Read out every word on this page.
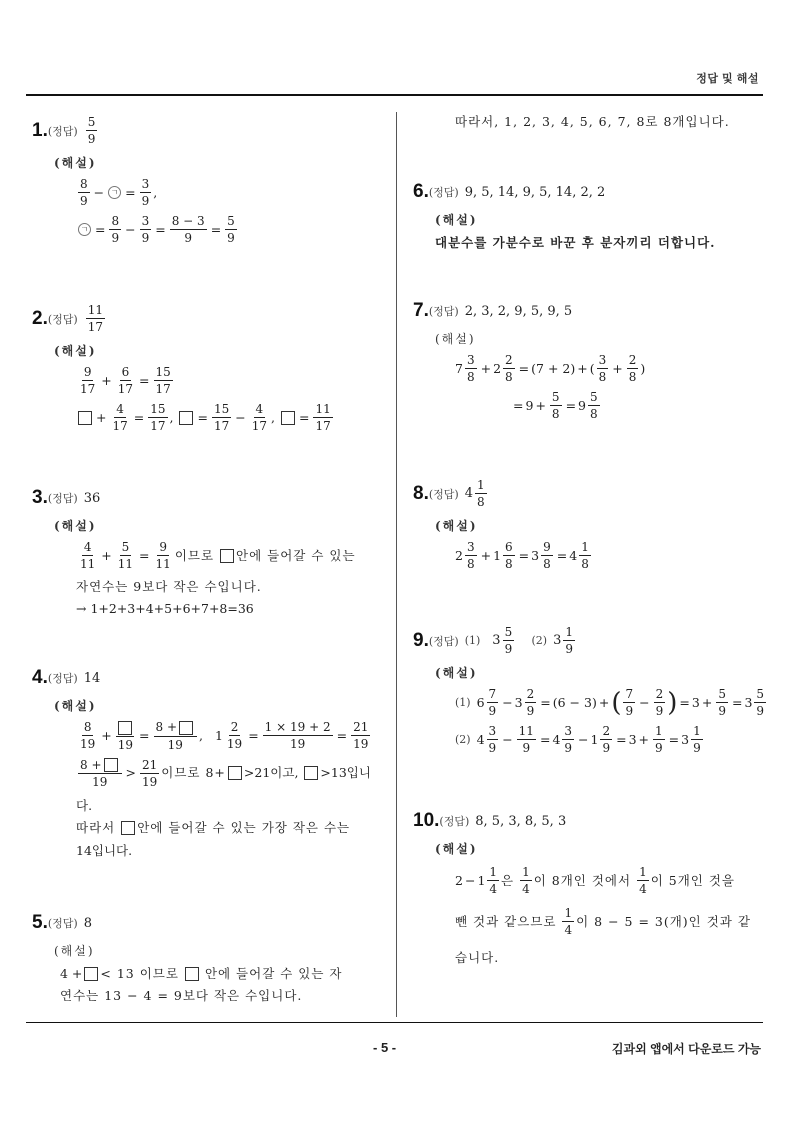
정답 및 해설
1. (정답) $\frac{5}{9}$
(해설)
$\frac{8}{9}$ − ㄱ = $\frac{3}{9}$ ,
ㄱ = $\frac{8}{9} - \frac{3}{9} = \frac{8 - 3}{9} = \frac{5}{9}$
2. (정답) $\frac{11}{17}$
(해설)
$\frac{9}{17} + \frac{6}{17} = \frac{15}{17}$
+ $\frac{4}{17} = \frac{15}{17}$ , = $\frac{15}{17} - \frac{4}{17}$ , = $\frac{11}{17}$
3. (정답) 36
(해설)
$\frac{4}{11} + \frac{5}{11} = \frac{9}{11}$ 이므로
안에 들어갈 수 있는
자연수는 9보다 작은 수입니다.
→ 1+2+3+4+5+6+7+8=36
4. (정답) 14
(해설)
$\frac{8}{19}$ +
19
= $\frac{8 +}{19}$ ,   $1 \frac{2}{19} = \frac{1 \times 19 + 2}{19} = \frac{21}{19}$
$\frac{8 +}{19} > \frac{21}{19}$ 이므로 8+ >21이고,
>13입니
다.
따라서
안에 들어갈 수 있는 가장 작은 수는
14입니다.
5. (정답) 8
(해설)
4 + < 13 이므로

안에 들어갈 수 있는 자
연수는 13 − 4 = 9보다 작은 수입니다.
따라서, 1, 2, 3, 4, 5, 6, 7, 8로 8개입니다.
6. (정답) 9, 5, 14, 9, 5, 14, 2, 2
(해설)
대분수를 가분수로 바꾼 후 분자끼리 더합니다.
7. (정답) 2, 3, 2, 9, 5, 9, 5
(해설)
$7 \frac{3}{8} + 2 \frac{2}{8} = (7 + 2)$ + ( $\frac{3}{8} + \frac{2}{8}$ )
= $9 + \frac{5}{8} = 9 \frac{5}{8}$
8. (정답) $4 \frac{1}{8}$
(해설)
$2 \frac{3}{8} + 1 \frac{6}{8} = 3 \frac{9}{8} = 4 \frac{1}{8}$
9. (정답) (1) $3 \frac{5}{9}$
(2) $3 \frac{1}{9}$
(해설)
(1) $6 \frac{7}{9} - 3 \frac{2}{9} = (6 - 3)$ + ( $\frac{7}{9} - \frac{2}{9}$ ) = $3 + \frac{5}{9} = 3 \frac{5}{9}$
(2) $4 \frac{3}{9} - \frac{11}{9} = 4 \frac{3}{9} - 1 \frac{2}{9} = 3 + \frac{1}{9} = 3 \frac{1}{9}$
10. (정답) 8, 5, 3, 8, 5, 3
(해설)
$2 - 1 \frac{1}{4}$ 은
$\frac{1}{4}$ 이 8개인 것에서
$\frac{1}{4}$ 이 5개인 것을
뺀 것과 같으므로
$\frac{1}{4}$ 이 8 − 5 = 3(개)인 것과 같
습니다.
- 5 -	김과외 앱에서 다운로드 가능
